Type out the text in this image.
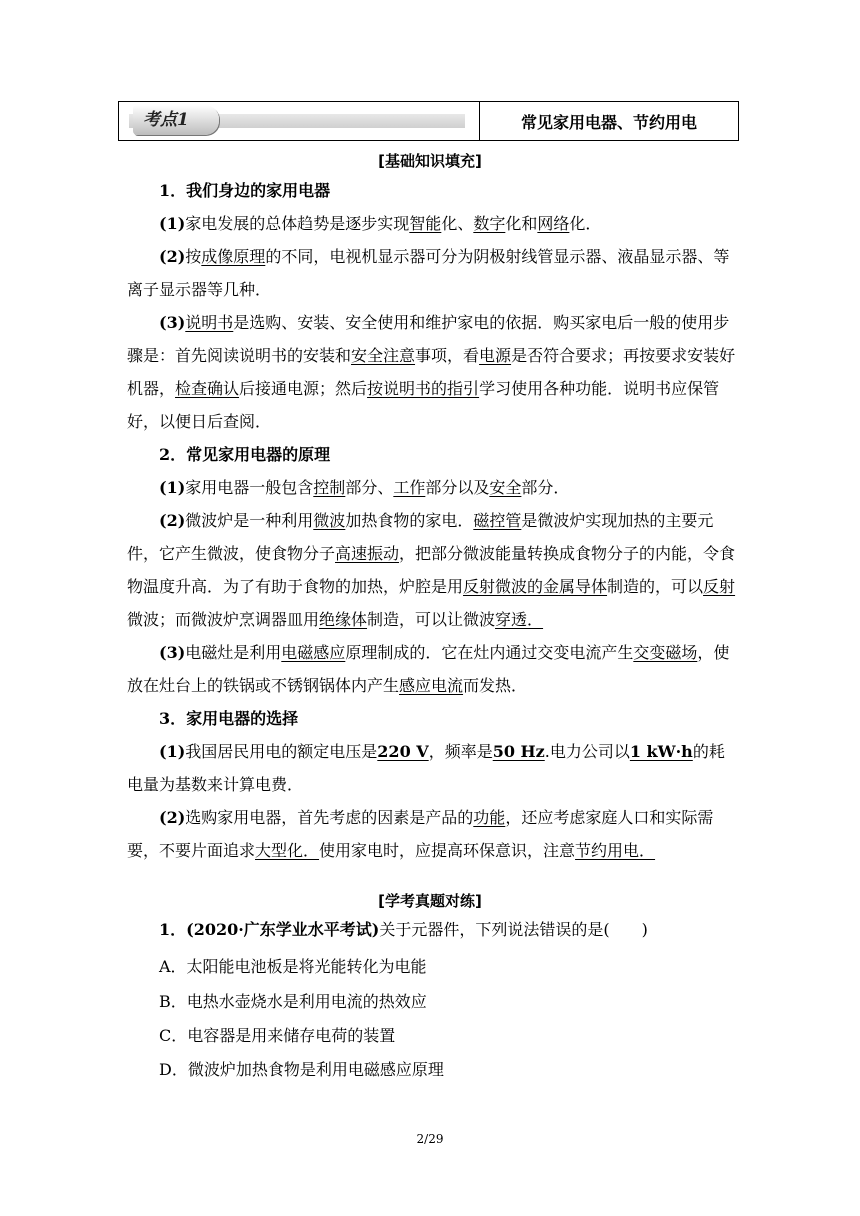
考点1	常见家用电器、节约用电
[基础知识填充]
1．我们身边的家用电器
(1)家电发展的总体趋势是逐步实现智能化、数字化和网络化．
(2)按成像原理的不同，电视机显示器可分为阴极射线管显示器、液晶显示器、等离子显示器等几种．
(3)说明书是选购、安装、安全使用和维护家电的依据．购买家电后一般的使用步骤是：首先阅读说明书的安装和安全注意事项，看电源是否符合要求；再按要求安装好机器，检查确认后接通电源；然后按说明书的指引学习使用各种功能．说明书应保管好，以便日后查阅．
2．常见家用电器的原理
(1)家用电器一般包含控制部分、工作部分以及安全部分．
(2)微波炉是一种利用微波加热食物的家电．磁控管是微波炉实现加热的主要元件，它产生微波，使食物分子高速振动，把部分微波能量转换成食物分子的内能，令食物温度升高．为了有助于食物的加热，炉腔是用反射微波的金属导体制造的，可以反射微波；而微波炉烹调器皿用绝缘体制造，可以让微波穿透．
(3)电磁灶是利用电磁感应原理制成的．它在灶内通过交变电流产生交变磁场，使放在灶台上的铁锅或不锈钢锅体内产生感应电流而发热．
3．家用电器的选择
(1)我国居民用电的额定电压是220 V，频率是50 Hz.电力公司以1 kW·h的耗电量为基数来计算电费．
(2)选购家用电器，首先考虑的因素是产品的功能，还应考虑家庭人口和实际需要，不要片面追求大型化．使用家电时，应提高环保意识，注意节约用电．
[学考真题对练]
1．(2020·广东学业水平考试)关于元器件，下列说法错误的是(　　)
A．太阳能电池板是将光能转化为电能
B．电热水壶烧水是利用电流的热效应
C．电容器是用来储存电荷的装置
D．微波炉加热食物是利用电磁感应原理
2/29
